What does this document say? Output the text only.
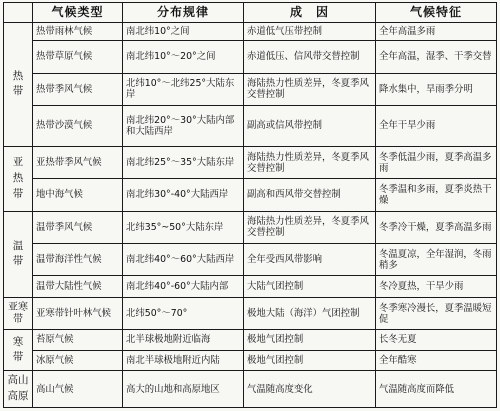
	气候类型	分布规律	成　因	气候特征

热
带	热带雨林气候	南北纬10°之间	赤道低气压带控制	全年高温多雨
	热带草原气候	南北纬10°～20°之间	赤道低压、信风带交替控制	全年高温，湿季、干季交替
	热带季风气候	北纬10°～北纬25°大陆东岸	海陆热力性质差异，冬夏季风交替控制	降水集中，旱雨季分明
	热带沙漠气候	南北纬20°～30°大陆内部和大陆西岸	副高或信风带控制	全年干旱少雨

亚
热
带	亚热带季风气候	南北纬25°～35°大陆东岸	海陆热力性质差异，冬夏季风交替控制	冬季低温少雨，夏季高温多雨
	地中海气候	南北纬30°-40°大陆西岸	副高和西风带交替控制	冬季温和多雨，夏季炎热干燥

温
带	温带季风气候	北纬35°~50°大陆东岸	海陆热力性质差异，冬夏季风交替控制	冬季冷干燥，夏季高温多雨
	温带海洋性气候	南北纬40°～60°大陆西岸	全年受西风带影响	冬温夏凉，全年湿润，冬雨稍多
	温带大陆性气候	南北纬40°-60°大陆内部	大陆气团控制	冬冷夏热，干旱少雨

亚寒带	亚寒带针叶林气候	北纬50°～70°	极地大陆（海洋）气团控制	冬季寒冷漫长，夏季温暖短促

寒
带	苔原气候	北半球极地附近临海	极地气团控制	长冬无夏
	冰原气候	南北半球极地附近内陆	极地气团控制	全年酷寒

高山
高原	高山气候	高大的山地和高原地区	气温随高度变化	气温随高度而降低
